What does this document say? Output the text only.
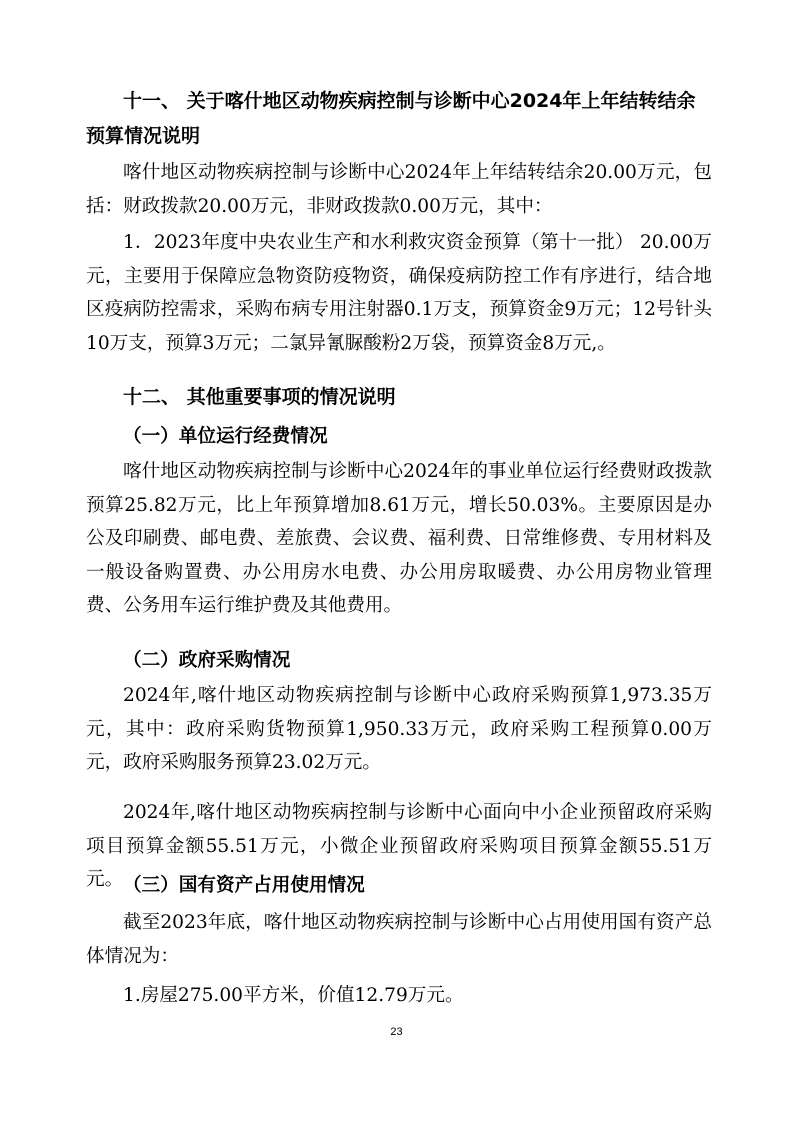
十一、 关于喀什地区动物疾病控制与诊断中心2024年上年结转结余预算情况说明

喀什地区动物疾病控制与诊断中心2024年上年结转结余20.00万元，包括：财政拨款20.00万元，非财政拨款0.00万元，其中：

1．2023年度中央农业生产和水利救灾资金预算（第十一批） 20.00万元，主要用于保障应急物资防疫物资，确保疫病防控工作有序进行，结合地区疫病防控需求，采购布病专用注射器0.1万支，预算资金9万元；12号针头10万支，预算3万元；二氯异氰脲酸粉2万袋，预算资金8万元,。

十二、 其他重要事项的情况说明

（一）单位运行经费情况

喀什地区动物疾病控制与诊断中心2024年的事业单位运行经费财政拨款预算25.82万元，比上年预算增加8.61万元，增长50.03%。主要原因是办公及印刷费、邮电费、差旅费、会议费、福利费、日常维修费、专用材料及一般设备购置费、办公用房水电费、办公用房取暖费、办公用房物业管理费、公务用车运行维护费及其他费用。

（二）政府采购情况

2024年,喀什地区动物疾病控制与诊断中心政府采购预算1,973.35万元，其中：政府采购货物预算1,950.33万元，政府采购工程预算0.00万元，政府采购服务预算23.02万元。

2024年,喀什地区动物疾病控制与诊断中心面向中小企业预留政府采购项目预算金额55.51万元，小微企业预留政府采购项目预算金额55.51万元。 （三）国有资产占用使用情况

截至2023年底，喀什地区动物疾病控制与诊断中心占用使用国有资产总体情况为：

1.房屋275.00平方米，价值12.79万元。

23
